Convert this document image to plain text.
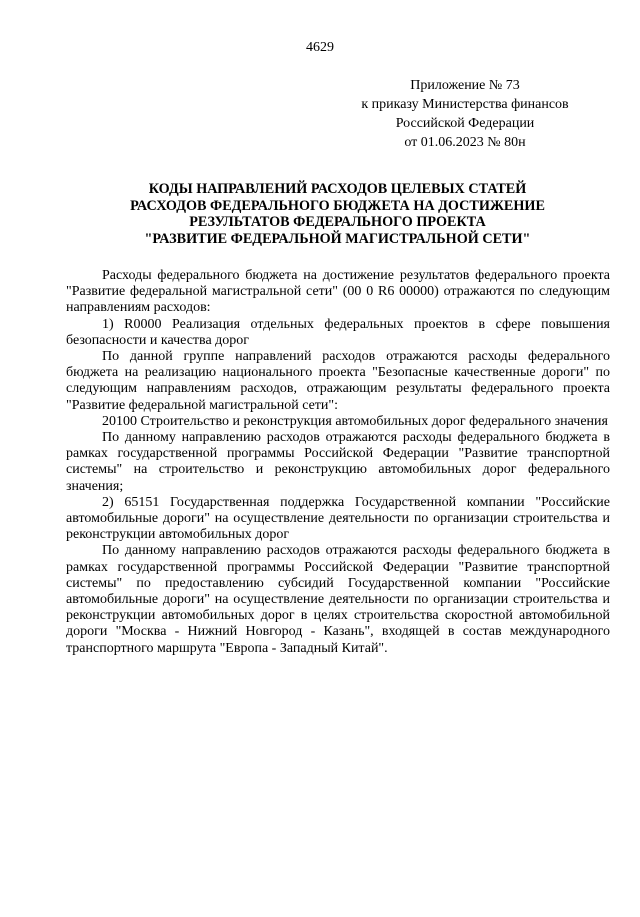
4629
Приложение № 73
к приказу Министерства финансов
Российской Федерации
от 01.06.2023 № 80н
КОДЫ НАПРАВЛЕНИЙ РАСХОДОВ ЦЕЛЕВЫХ СТАТЕЙ
РАСХОДОВ ФЕДЕРАЛЬНОГО БЮДЖЕТА НА ДОСТИЖЕНИЕ
РЕЗУЛЬТАТОВ ФЕДЕРАЛЬНОГО ПРОЕКТА
"РАЗВИТИЕ ФЕДЕРАЛЬНОЙ МАГИСТРАЛЬНОЙ СЕТИ"

Расходы федерального бюджета на достижение результатов федерального проекта "Развитие федеральной магистральной сети" (00 0 R6 00000) отражаются по следующим направлениям расходов:

1) R0000 Реализация отдельных федеральных проектов в сфере повышения безопасности и качества дорог

По данной группе направлений расходов отражаются расходы федерального бюджета на реализацию национального проекта "Безопасные качественные дороги" по следующим направлениям расходов, отражающим результаты федерального проекта "Развитие федеральной магистральной сети":

20100 Строительство и реконструкция автомобильных дорог федерального значения

По данному направлению расходов отражаются расходы федерального бюджета в рамках государственной программы Российской Федерации "Развитие транспортной системы" на строительство и реконструкцию автомобильных дорог федерального значения;

2) 65151 Государственная поддержка Государственной компании "Российские автомобильные дороги" на осуществление деятельности по организации строительства и реконструкции автомобильных дорог

По данному направлению расходов отражаются расходы федерального бюджета в рамках государственной программы Российской Федерации "Развитие транспортной системы" по предоставлению субсидий Государственной компании "Российские автомобильные дороги" на осуществление деятельности по организации строительства и реконструкции автомобильных дорог в целях строительства скоростной автомобильной дороги "Москва - Нижний Новгород - Казань", входящей в состав международного транспортного маршрута "Европа - Западный Китай".
